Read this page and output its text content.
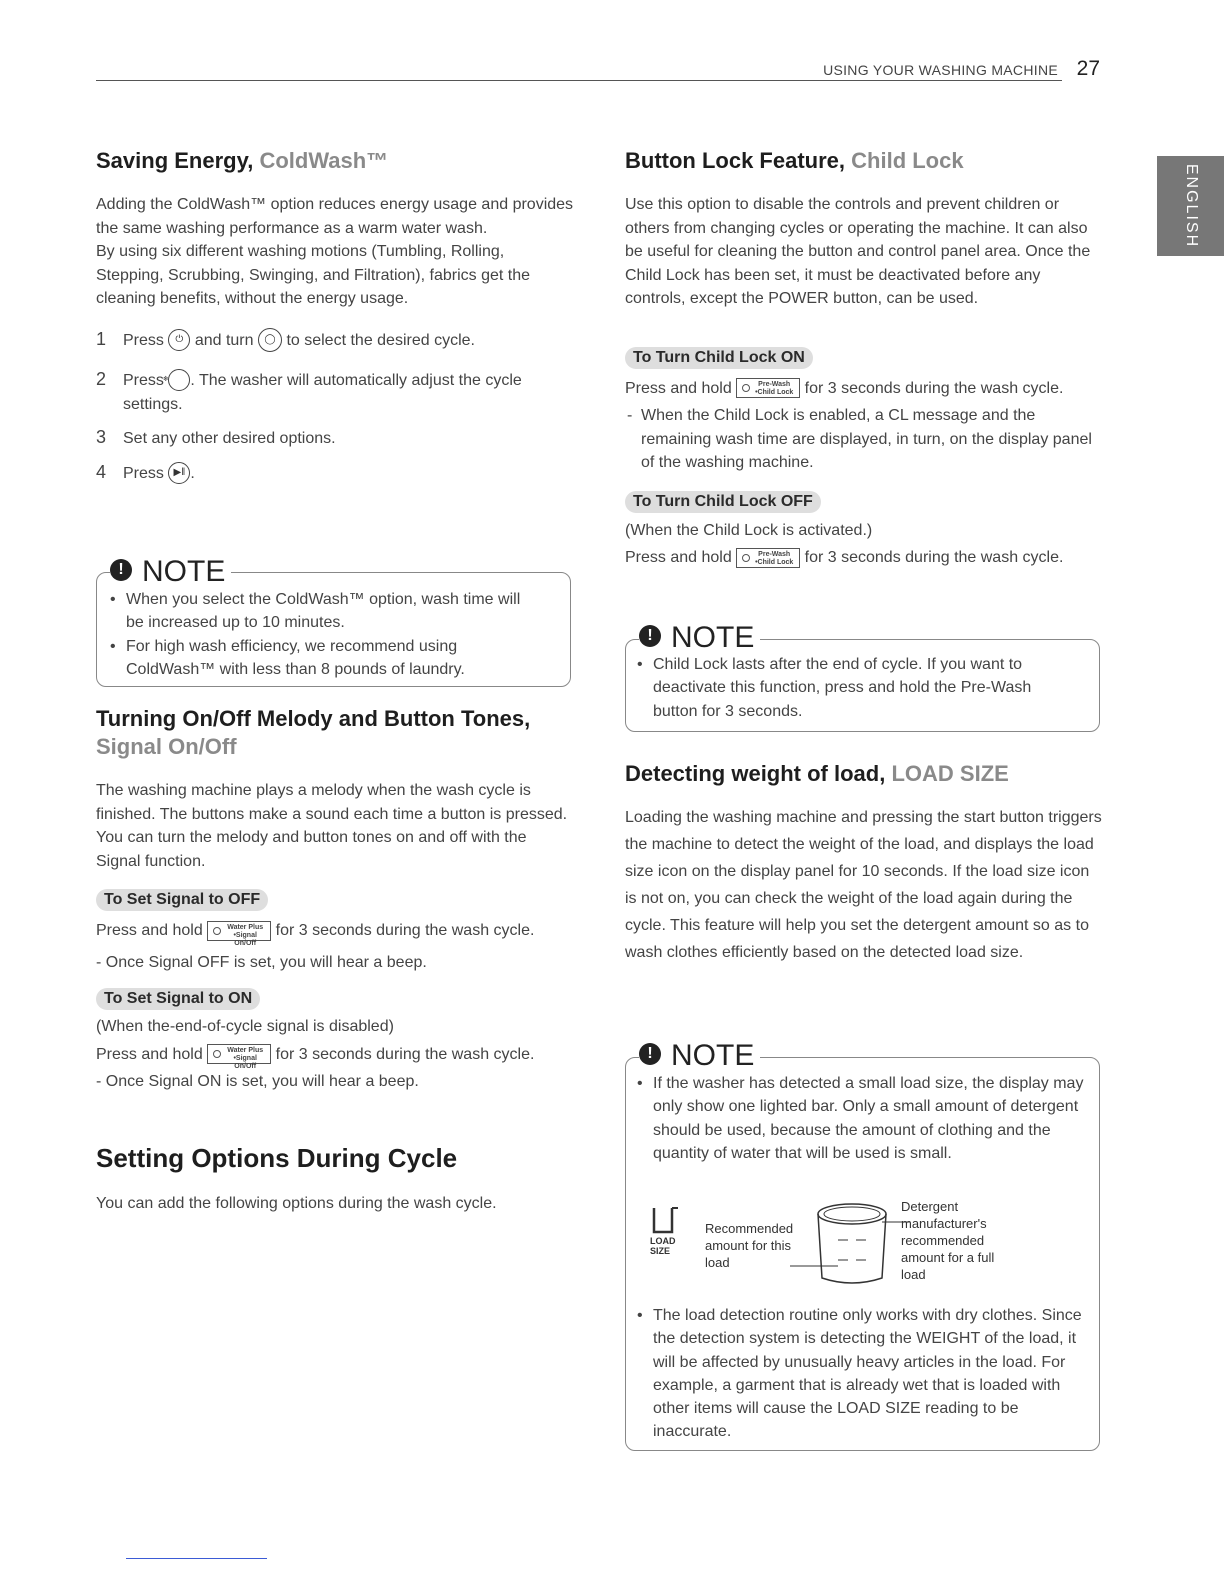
USING YOUR WASHING MACHINE 27
ENGLISH
Saving Energy, ColdWash™
Adding the ColdWash™ option reduces energy usage and provides the same washing performance as a warm water wash.
By using six different washing motions (Tumbling, Rolling, Stepping, Scrubbing, Swinging, and Filtration), fabrics get the cleaning benefits, without the energy usage.
1 Press ⏻ and turn ◯ to select the desired cycle.
2 Press ❄ . The washer will automatically adjust the cycle settings.
3 Set any other desired options.
4 Press ▶‖ .
! NOTE
• When you select the ColdWash™ option, wash time will be increased up to 10 minutes.
• For high wash efficiency, we recommend using ColdWash™ with less than 8 pounds of laundry.
Turning On/Off Melody and Button Tones,
Signal On/Off
The washing machine plays a melody when the wash cycle is finished. The buttons make a sound each time a button is pressed. You can turn the melody and button tones on and off with the Signal function.
To Set Signal to OFF
Press and hold	Water Plus
•Signal On/Off
for 3 seconds during the wash cycle.
- Once Signal OFF is set, you will hear a beep.
To Set Signal to ON
(When the-end-of-cycle signal is disabled)
Press and hold	Water Plus
•Signal On/Off
for 3 seconds during the wash cycle.
- Once Signal ON is set, you will hear a beep.
Setting Options During Cycle
You can add the following options during the wash cycle.
Button Lock Feature, Child Lock
Use this option to disable the controls and prevent children or others from changing cycles or operating the machine. It can also be useful for cleaning the button and control panel area. Once the Child Lock has been set, it must be deactivated before any controls, except the POWER button, can be used.
To Turn Child Lock ON
Press and hold	Pre-Wash
•Child Lock for 3 seconds during the wash cycle.
- When the Child Lock is enabled, a CL message and the remaining wash time are displayed, in turn, on the display panel of the washing machine.
To Turn Child Lock OFF
(When the Child Lock is activated.)
Press and hold	Pre-Wash
•Child Lock for 3 seconds during the wash cycle.
! NOTE
• Child Lock lasts after the end of cycle. If you want to deactivate this function, press and hold the Pre-Wash button for 3 seconds.
Detecting weight of load, LOAD SIZE
Loading the washing machine and pressing the start button triggers the machine to detect the weight of the load, and displays the load size icon on the display panel for 10 seconds. If the load size icon is not on, you can check the weight of the load again during the cycle. This feature will help you set the detergent amount so as to wash clothes efficiently based on the detected load size.
! NOTE
• If the washer has detected a small load size, the display may only show one lighted bar. Only a small amount of detergent should be used, because the amount of clothing and the quantity of water that will be used is small.
LOAD
SIZE
Recommended amount for this load
Detergent manufacturer's recommended amount for a full load
• The load detection routine only works with dry clothes. Since the detection system is detecting the WEIGHT of the load, it will be affected by unusually heavy articles in the load. For example, a garment that is already wet that is loaded with other items will cause the LOAD SIZE reading to be inaccurate.
